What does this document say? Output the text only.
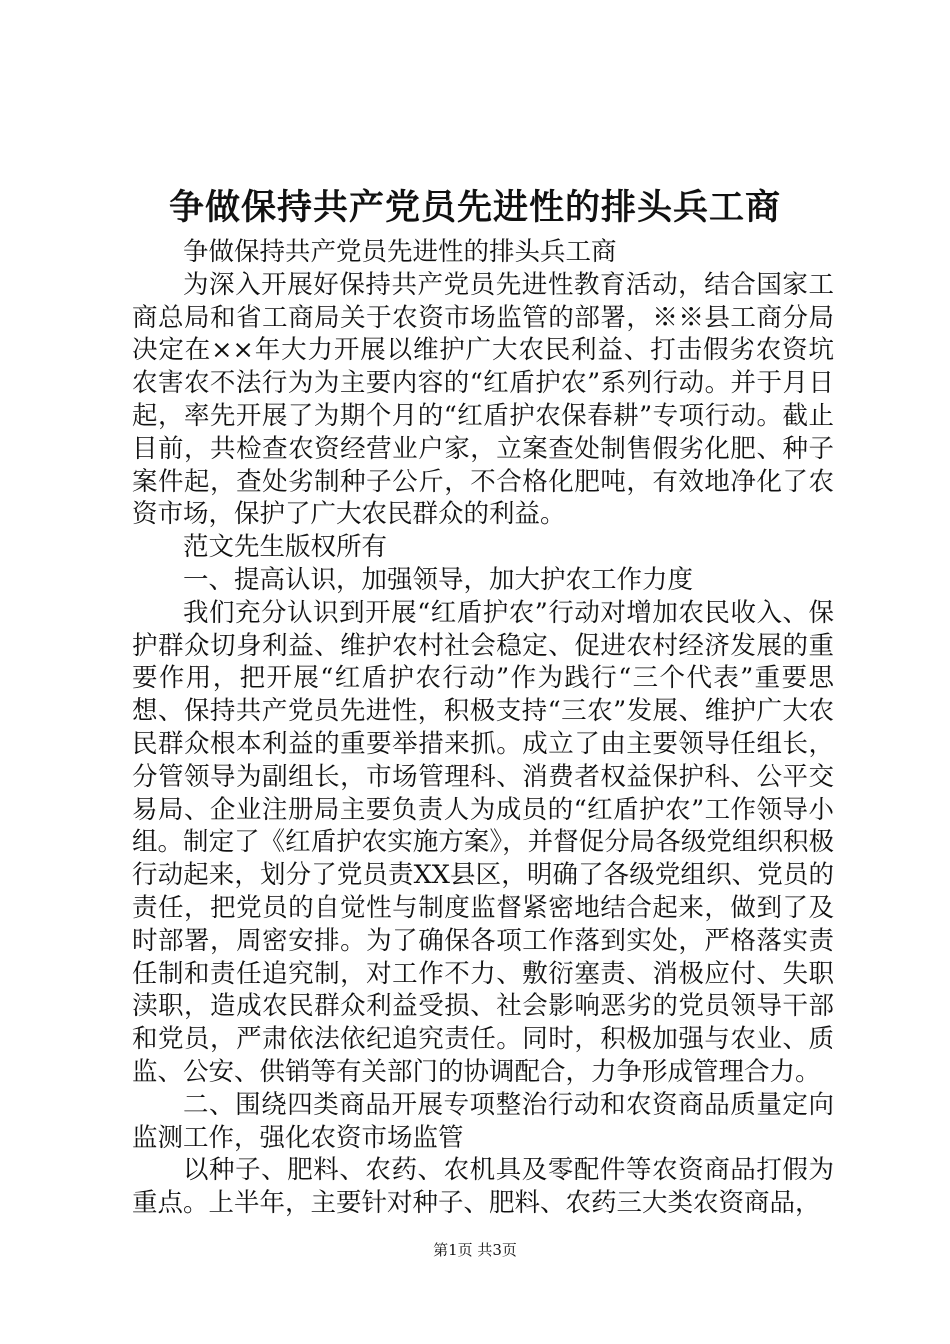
争做保持共产党员先进性的排头兵工商

争做保持共产党员先进性的排头兵工商

为深入开展好保持共产党员先进性教育活动，结合国家工商总局和省工商局关于农资市场监管的部署，※※县工商分局决定在××年大力开展以维护广大农民利益、打击假劣农资坑农害农不法行为为主要内容的“红盾护农”系列行动。并于月日起，率先开展了为期个月的“红盾护农保春耕”专项行动。截止目前，共检查农资经营业户家，立案查处制售假劣化肥、种子案件起，查处劣制种子公斤，不合格化肥吨，有效地净化了农资市场，保护了广大农民群众的利益。

范文先生版权所有

一、提高认识，加强领导，加大护农工作力度

我们充分认识到开展“红盾护农”行动对增加农民收入、保护群众切身利益、维护农村社会稳定、促进农村经济发展的重要作用，把开展“红盾护农行动”作为践行“三个代表”重要思想、保持共产党员先进性，积极支持“三农”发展、维护广大农民群众根本利益的重要举措来抓。成立了由主要领导任组长，分管领导为副组长，市场管理科、消费者权益保护科、公平交易局、企业注册局主要负责人为成员的“红盾护农”工作领导小组。制定了《红盾护农实施方案》，并督促分局各级党组织积极行动起来，划分了党员责XX县区，明确了各级党组织、党员的责任，把党员的自觉性与制度监督紧密地结合起来，做到了及时部署，周密安排。为了确保各项工作落到实处，严格落实责任制和责任追究制，对工作不力、敷衍塞责、消极应付、失职渎职，造成农民群众利益受损、社会影响恶劣的党员领导干部和党员，严肃依法依纪追究责任。同时，积极加强与农业、质监、公安、供销等有关部门的协调配合，力争形成管理合力。

二、围绕四类商品开展专项整治行动和农资商品质量定向监测工作，强化农资市场监管

以种子、肥料、农药、农机具及零配件等农资商品打假为重点。上半年，主要针对种子、肥料、农药三大类农资商品，

第1页 共3页
